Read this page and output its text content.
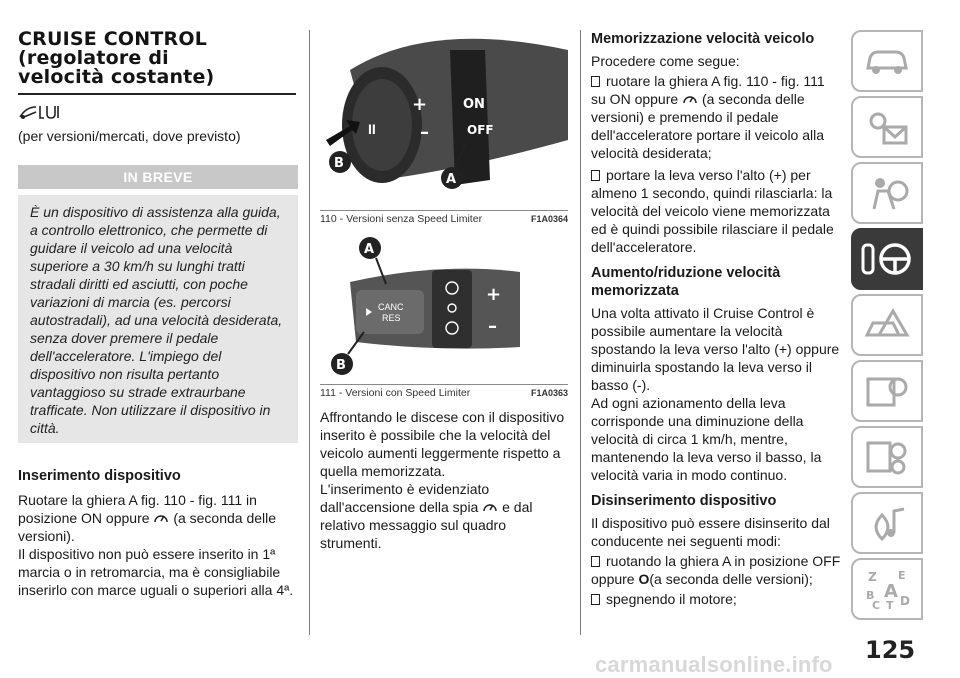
CRUISE CONTROL
(regolatore di
velocità costante)
(per versioni/mercati, dove previsto)
IN BREVE
È un dispositivo di assistenza alla guida, a controllo elettronico, che permette di guidare il veicolo ad una velocità superiore a 30 km/h su lunghi tratti stradali diritti ed asciutti, con poche variazioni di marcia (es. percorsi autostradali), ad una velocità desiderata, senza dover premere il pedale dell'acceleratore. L'impiego del dispositivo non risulta pertanto vantaggioso su strade extraurbane trafficate. Non utilizzare il dispositivo in città.
Inserimento dispositivo
Ruotare la ghiera A fig. 110 - fig. 111 in posizione ON oppure (a seconda delle versioni).
Il dispositivo non può essere inserito in 1ª marcia o in retromarcia, ma è consigliabile inserirlo con marce uguali o superiori alla 4ª.
II
ON
OFF
+
–
B
A
110 - Versioni senza Speed Limiter	F1A0364
CANC
RES
+
–
A
B
111 - Versioni con Speed Limiter	F1A0363
Affrontando le discese con il dispositivo inserito è possibile che la velocità del veicolo aumenti leggermente rispetto a quella memorizzata.
L'inserimento è evidenziato dall'accensione della spia e dal relativo messaggio sul quadro strumenti.
Memorizzazione velocità veicolo
Procedere come segue:
ruotare la ghiera A fig. 110 - fig. 111 su ON oppure (a seconda delle versioni) e premendo il pedale dell'acceleratore portare il veicolo alla velocità desiderata;
portare la leva verso l'alto (+) per almeno 1 secondo, quindi rilasciarla: la velocità del veicolo viene memorizzata ed è quindi possibile rilasciare il pedale dell'acceleratore.
Aumento/riduzione velocità memorizzata
Una volta attivato il Cruise Control è possibile aumentare la velocità spostando la leva verso l'alto (+) oppure diminuirla spostando la leva verso il basso (-).
Ad ogni azionamento della leva corrisponde una diminuzione della velocità di circa 1 km/h, mentre, mantenendo la leva verso il basso, la velocità varia in modo continuo.
Disinserimento dispositivo
Il dispositivo può essere disinserito dal conducente nei seguenti modi:
ruotando la ghiera A in posizione OFF oppure O(a seconda delle versioni);
spegnendo il motore;
Z E
B A
C T D
125
carmanualsonline.info
